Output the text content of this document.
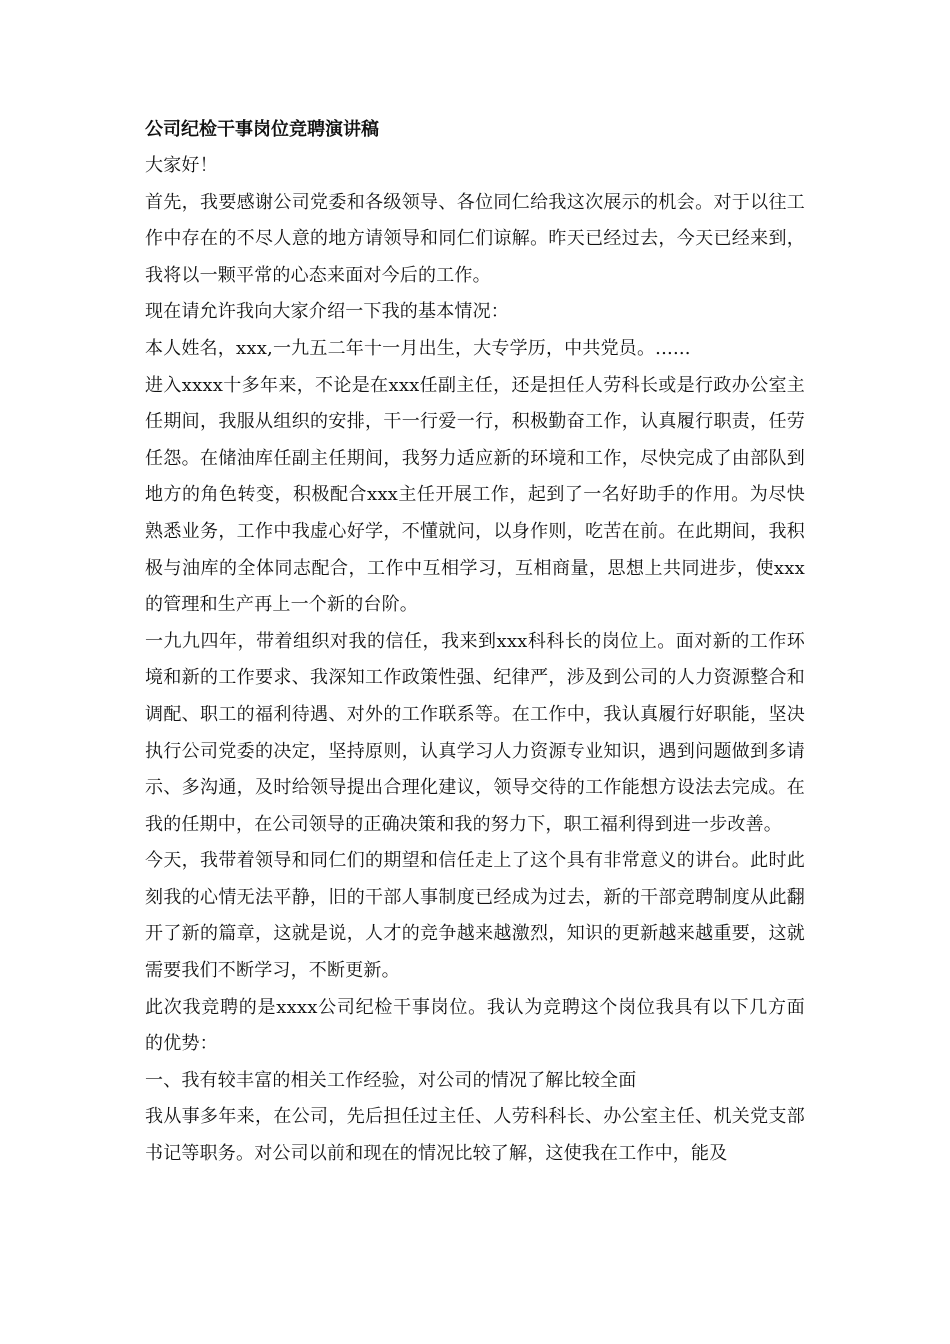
公司纪检干事岗位竞聘演讲稿

大家好！

首先，我要感谢公司党委和各级领导、各位同仁给我这次展示的机会。对于以往工作中存在的不尽人意的地方请领导和同仁们谅解。昨天已经过去，今天已经来到，我将以一颗平常的心态来面对今后的工作。

现在请允许我向大家介绍一下我的基本情况：

本人姓名，xxx,一九五二年十一月出生，大专学历，中共党员。......

进入xxxx十多年来，不论是在xxx任副主任，还是担任人劳科长或是行政办公室主任期间，我服从组织的安排，干一行爱一行，积极勤奋工作，认真履行职责，任劳任怨。在储油库任副主任期间，我努力适应新的环境和工作，尽快完成了由部队到地方的角色转变，积极配合xxx主任开展工作，起到了一名好助手的作用。为尽快熟悉业务，工作中我虚心好学，不懂就问，以身作则，吃苦在前。在此期间，我积极与油库的全体同志配合，工作中互相学习，互相商量，思想上共同进步，使xxx的管理和生产再上一个新的台阶。

一九九四年，带着组织对我的信任，我来到xxx科科长的岗位上。面对新的工作环境和新的工作要求、我深知工作政策性强、纪律严，涉及到公司的人力资源整合和调配、职工的福利待遇、对外的工作联系等。在工作中，我认真履行好职能，坚决执行公司党委的决定，坚持原则，认真学习人力资源专业知识，遇到问题做到多请示、多沟通，及时给领导提出合理化建议，领导交待的工作能想方设法去完成。在我的任期中，在公司领导的正确决策和我的努力下，职工福利得到进一步改善。

今天，我带着领导和同仁们的期望和信任走上了这个具有非常意义的讲台。此时此刻我的心情无法平静，旧的干部人事制度已经成为过去，新的干部竞聘制度从此翻开了新的篇章，这就是说，人才的竞争越来越激烈，知识的更新越来越重要，这就需要我们不断学习，不断更新。

此次我竞聘的是xxxx公司纪检干事岗位。我认为竞聘这个岗位我具有以下几方面的优势：

一、我有较丰富的相关工作经验，对公司的情况了解比较全面

我从事多年来，在公司，先后担任过主任、人劳科科长、办公室主任、机关党支部书记等职务。对公司以前和现在的情况比较了解，这使我在工作中，能及
